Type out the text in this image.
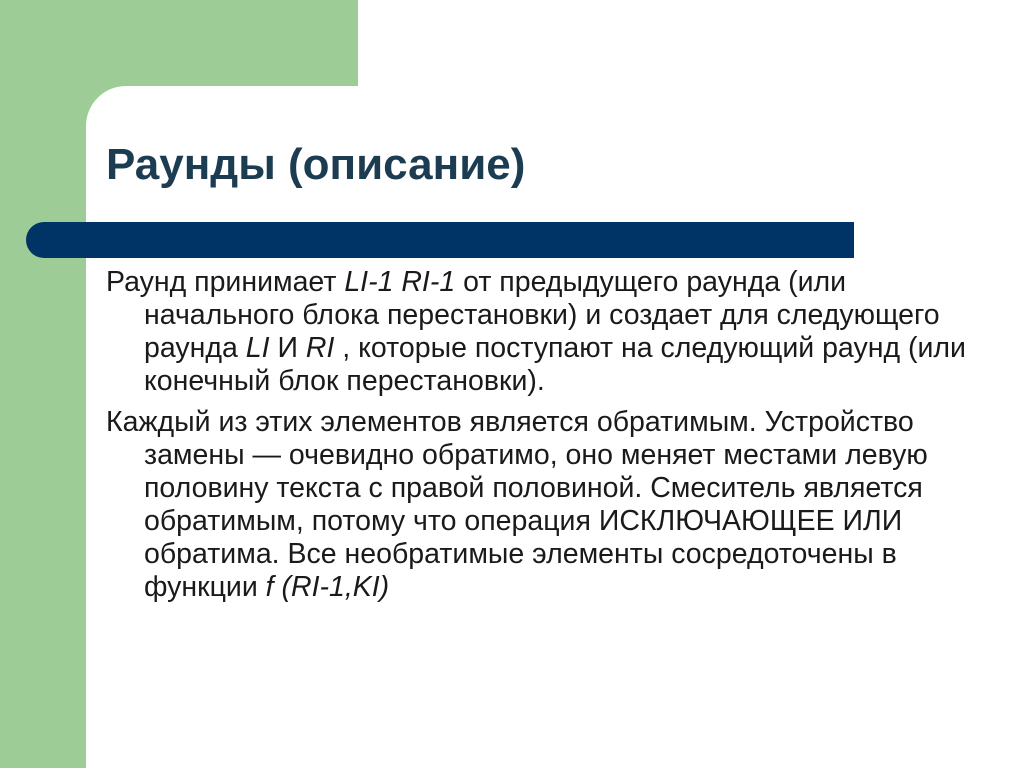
Раунды (описание)

Раунд принимает LI-1 RI-1 от предыдущего раунда (или начального блока перестановки) и создает для следующего раунда LI И RI , которые поступают на следующий раунд (или конечный блок перестановки).

Каждый из этих элементов является обратимым. Устройство замены — очевидно обратимо, оно меняет местами левую половину текста с правой половиной. Смеситель является обратимым, потому что операция ИСКЛЮЧАЮЩЕЕ ИЛИ обратима. Все необратимые элементы сосредоточены в функции f (RI-1,KI)
